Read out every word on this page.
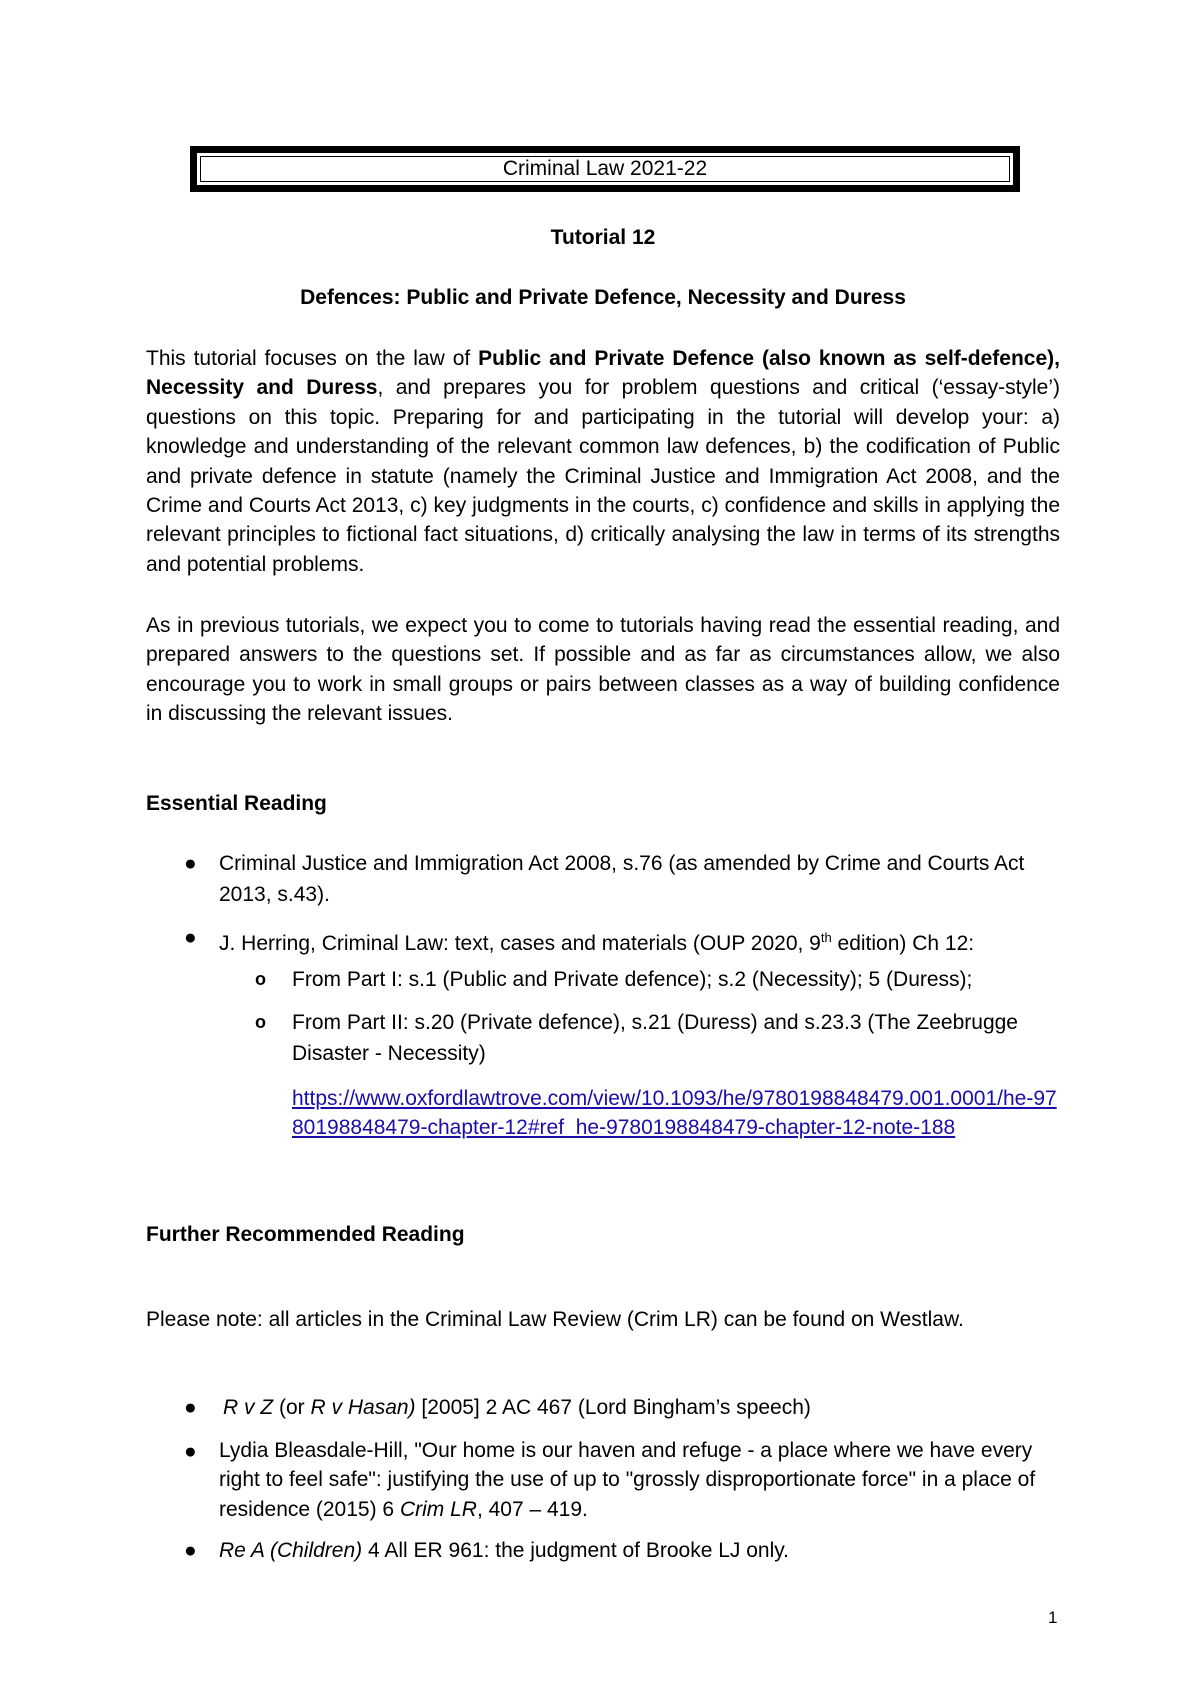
Criminal Law 2021-22
Tutorial 12
Defences: Public and Private Defence, Necessity and Duress
This tutorial focuses on the law of Public and Private Defence (also known as self-defence), Necessity and Duress, and prepares you for problem questions and critical (‘essay-style’) questions on this topic. Preparing for and participating in the tutorial will develop your: a) knowledge and understanding of the relevant common law defences, b) the codification of Public and private defence in statute (namely the Criminal Justice and Immigration Act 2008, and the Crime and Courts Act 2013, c) key judgments in the courts, c) confidence and skills in applying the relevant principles to fictional fact situations, d) critically analysing the law in terms of its strengths and potential problems.
As in previous tutorials, we expect you to come to tutorials having read the essential reading, and prepared answers to the questions set. If possible and as far as circumstances allow, we also encourage you to work in small groups or pairs between classes as a way of building confidence in discussing the relevant issues.
Essential Reading
● Criminal Justice and Immigration Act 2008, s.76 (as amended by Crime and Courts Act 2013, s.43).
● J. Herring, Criminal Law: text, cases and materials (OUP 2020, 9th edition) Ch 12:
o From Part I: s.1 (Public and Private defence); s.2 (Necessity); 5 (Duress);
o From Part II: s.20 (Private defence), s.21 (Duress) and s.23.3 (The Zeebrugge Disaster - Necessity)
https://www.oxfordlawtrove.com/view/10.1093/he/9780198848479.001.0001/he-9780198848479-chapter-12#ref_he-9780198848479-chapter-12-note-188
Further Recommended Reading
Please note: all articles in the Criminal Law Review (Crim LR) can be found on Westlaw.
● R v Z (or R v Hasan) [2005] 2 AC 467 (Lord Bingham’s speech)
● Lydia Bleasdale-Hill, "Our home is our haven and refuge - a place where we have every right to feel safe": justifying the use of up to "grossly disproportionate force" in a place of residence (2015) 6 Crim LR, 407 – 419.
● Re A (Children) 4 All ER 961: the judgment of Brooke LJ only.
1
